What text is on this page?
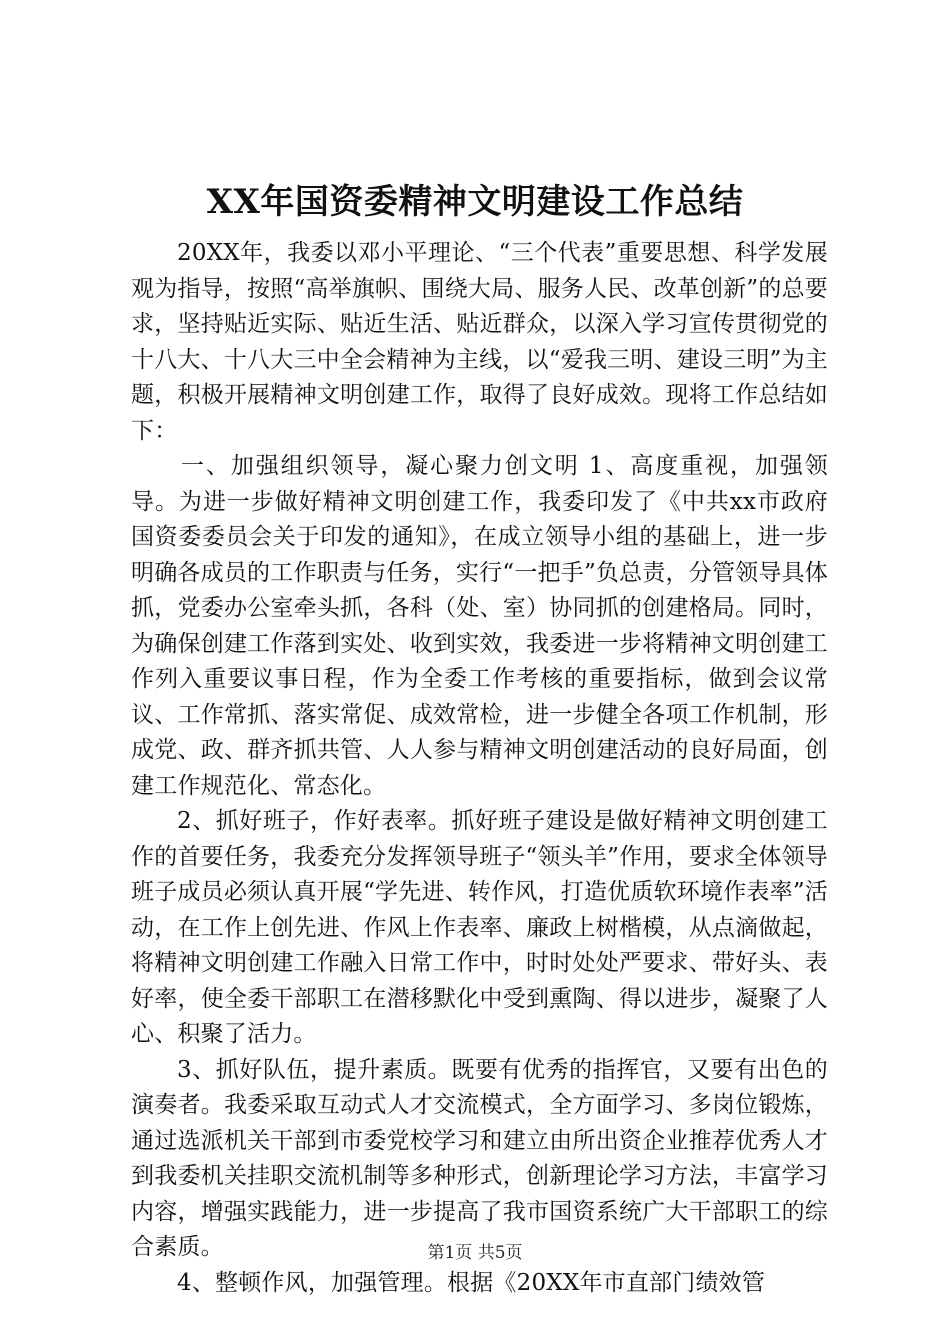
XX年国资委精神文明建设工作总结

20XX年，我委以邓小平理论、“三个代表”重要思想、科学发展观为指导，按照“高举旗帜、围绕大局、服务人民、改革创新”的总要求，坚持贴近实际、贴近生活、贴近群众，以深入学习宣传贯彻党的十八大、十八大三中全会精神为主线，以“爱我三明、建设三明”为主题，积极开展精神文明创建工作，取得了良好成效。现将工作总结如下：

一、加强组织领导，凝心聚力创文明 1、高度重视，加强领导。为进一步做好精神文明创建工作，我委印发了《中共xx市政府国资委委员会关于印发的通知》，在成立领导小组的基础上，进一步明确各成员的工作职责与任务，实行“一把手”负总责，分管领导具体抓，党委办公室牵头抓，各科（处、室）协同抓的创建格局。同时，为确保创建工作落到实处、收到实效，我委进一步将精神文明创建工作列入重要议事日程，作为全委工作考核的重要指标，做到会议常议、工作常抓、落实常促、成效常检，进一步健全各项工作机制，形成党、政、群齐抓共管、人人参与精神文明创建活动的良好局面，创建工作规范化、常态化。

2、抓好班子，作好表率。抓好班子建设是做好精神文明创建工作的首要任务，我委充分发挥领导班子“领头羊”作用，要求全体领导班子成员必须认真开展“学先进、转作风，打造优质软环境作表率”活动，在工作上创先进、作风上作表率、廉政上树楷模，从点滴做起，将精神文明创建工作融入日常工作中，时时处处严要求、带好头、表好率，使全委干部职工在潜移默化中受到熏陶、得以进步，凝聚了人心、积聚了活力。

3、抓好队伍，提升素质。既要有优秀的指挥官，又要有出色的演奏者。我委采取互动式人才交流模式，全方面学习、多岗位锻炼，通过选派机关干部到市委党校学习和建立由所出资企业推荐优秀人才到我委机关挂职交流机制等多种形式，创新理论学习方法，丰富学习内容，增强实践能力，进一步提高了我市国资系统广大干部职工的综合素质。

4、整顿作风，加强管理。根据《20XX年市直部门绩效管

第1页 共5页
